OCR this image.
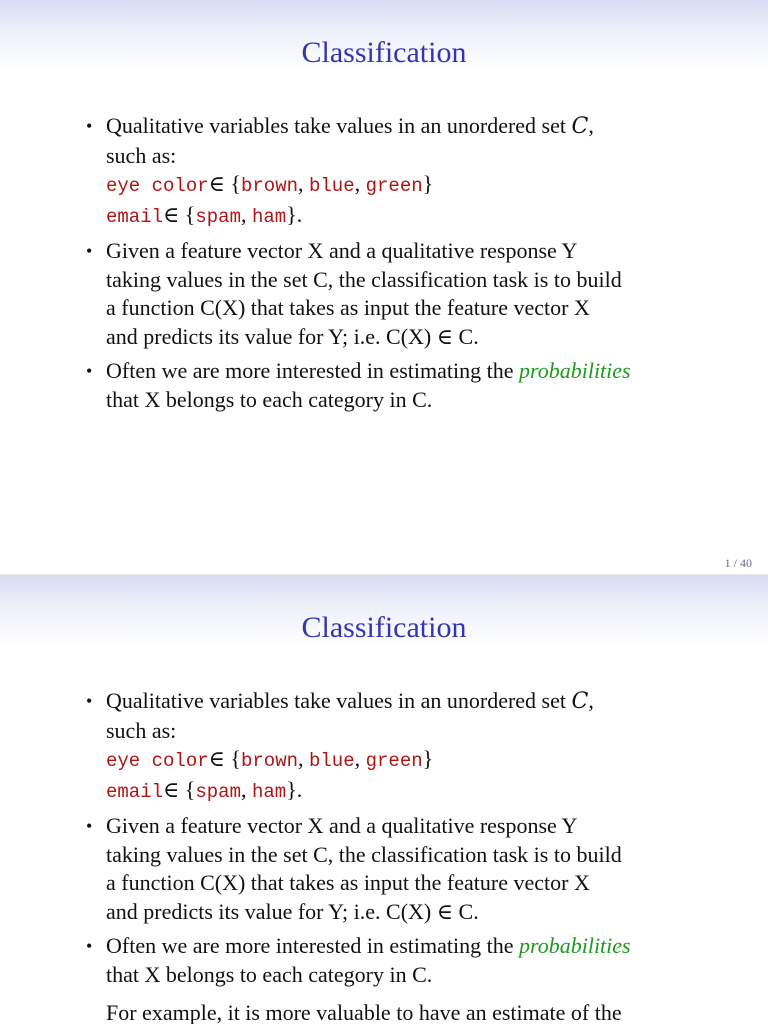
Classification
• Qualitative variables take values in an unordered set C,
such as:
eye color∈ {brown, blue, green}
email∈ {spam, ham}.
• Given a feature vector X and a qualitative response Y
taking values in the set C, the classification task is to build
a function C(X) that takes as input the feature vector X
and predicts its value for Y; i.e. C(X) ∈ C.
• Often we are more interested in estimating the probabilities
that X belongs to each category in C.
1 / 40
Classification
• Qualitative variables take values in an unordered set C,
such as:
eye color∈ {brown, blue, green}
email∈ {spam, ham}.
• Given a feature vector X and a qualitative response Y
taking values in the set C, the classification task is to build
a function C(X) that takes as input the feature vector X
and predicts its value for Y; i.e. C(X) ∈ C.
• Often we are more interested in estimating the probabilities
that X belongs to each category in C.
For example, it is more valuable to have an estimate of the
